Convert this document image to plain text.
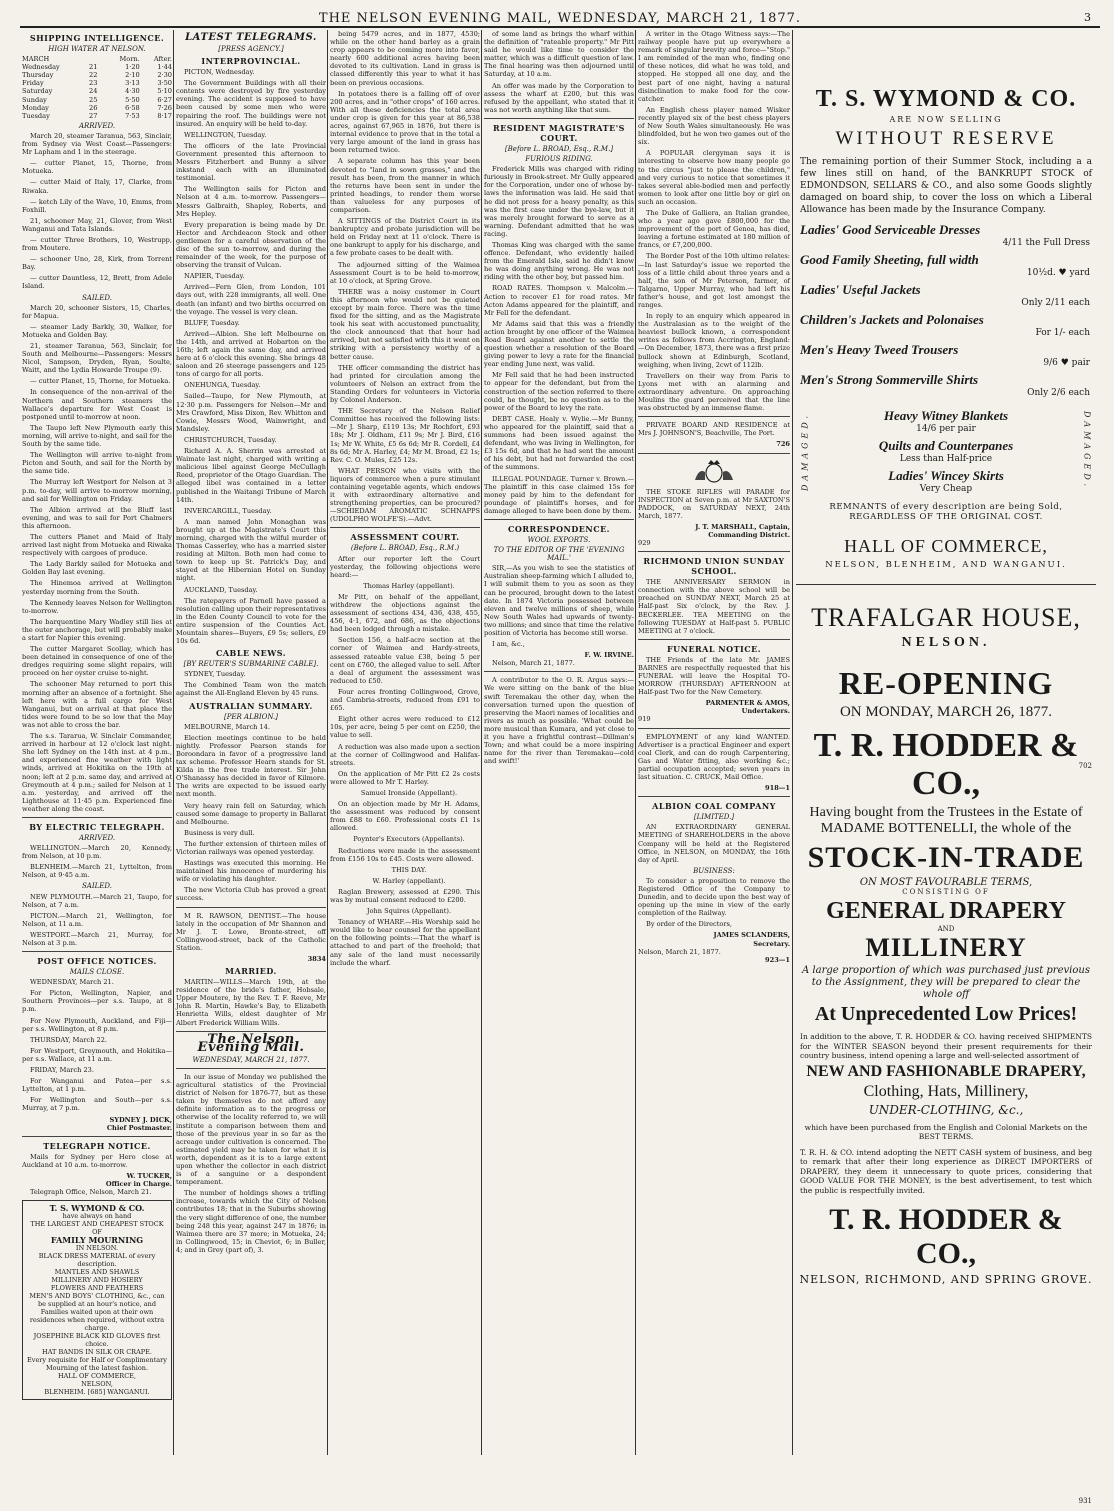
THE NELSON EVENING MAIL, WEDNESDAY, MARCH 21, 1877.	3
SHIPPING INTELLIGENCE.
HIGH WATER AT NELSON.
MARCH		Morn.	After.
Wednesday	21	1·20	1·44
Thursday	22	2·10	2·30
Friday	23	3·13	3·50
Saturday	24	4·30	5·10
Sunday	25	5·50	6·27
Monday	26	6·58	7·26
Tuesday	27	7·53	8·17
ARRIVED.

March 20, steamer Taranua, 563, Sinclair, from Sydney via West Coast—Passengers: Mr Lapham and 1 in the steerage.

— cutter Planet, 15, Thorne, from Motueka.

— cutter Maid of Italy, 17, Clarke, from Riwaka.

— ketch Lily of the Wave, 10, Emms, from Foxhill.

21, schooner May, 21, Glover, from West Wanganui and Tata Islands.

— cutter Three Brothers, 10, Westrupp, from Moutere.

— schooner Uno, 28, Kirk, from Torrent Bay.

— cutter Dauntless, 12, Brett, from Adele Island.

SAILED.

March 20, schooner Sisters, 15, Charles, for Mapua.

— steamer Lady Barkly, 30, Walker, for Motueka and Golden Bay.

21, steamer Taranua, 563, Sinclair, for South and Melbourne—Passengers: Messrs Nicol, Sampson, Dryden, Ryan, Soulte, Waitt, and the Lydia Howarde Troupe (9).

— cutter Planet, 15, Thorne, for Motueka.

In consequence of the non-arrival of the Northern and Southern steamers the Wallace's departure for West Coast is postponed until to-morrow at noon.

The Taupo left New Plymouth early this morning, will arrive to-night, and sail for the South by the same tide.

The Wellington will arrive to-night from Picton and South, and sail for the North by the same tide.

The Murray left Westport for Nelson at 3 p.m. to-day, will arrive to-morrow morning, and sail for Wellington on Friday.

The Albion arrived at the Bluff last evening, and was to sail for Port Chalmers this afternoon.

The cutters Planet and Maid of Italy arrived last night from Motueka and Riwaka respectively with cargoes of produce.

The Lady Barkly sailed for Motueka and Golden Bay last evening.

The Hinemoa arrived at Wellington yesterday morning from the South.

The Kennedy leaves Nelson for Wellington to-morrow.

The barquentine Mary Wadley still lies at the outer anchorage, but will probably make a start for Napier this evening.

The cutter Margaret Scollay, which has been detained in consequence of one of the dredges requiring some slight repairs, will proceed on her oyster cruise to-night.

The schooner May returned to port this morning after an absence of a fortnight. She left here with a full cargo for West Wanganui, but on arrival at that place the tides were found to be so low that the May was not able to cross the bar.

The s.s. Tararua, W. Sinclair Commander, arrived in harbour at 12 o'clock last night. She left Sydney on the 14th inst. at 4 p.m., and experienced fine weather with light winds, arrived at Hokitika on the 19th at noon; left at 2 p.m. same day, and arrived at Greymouth at 4 p.m.; sailed for Nelson at 1 a.m. yesterday, and arrived off the Lighthouse at 11·45 p.m. Experienced fine weather along the coast.

BY ELECTRIC TELEGRAPH.
ARRIVED.

WELLINGTON.—March 20, Kennedy, from Nelson, at 10 p.m.

BLENHEIM.—March 21, Lyttelton, from Nelson, at 9·45 a.m.

SAILED.

NEW PLYMOUTH.—March 21, Taupo, for Nelson, at 7 a.m.

PICTON.—March 21, Wellington, for Nelson, at 11 a.m.

WESTPORT.—March 21, Murray, for Nelson at 3 p.m.

POST OFFICE NOTICES.
MAILS CLOSE.

WEDNESDAY, March 21.

For Picton, Wellington, Napier, and Southern Provinces—per s.s. Taupo, at 8 p.m.

For New Plymouth, Auckland, and Fiji—per s.s. Wellington, at 8 p.m.

THURSDAY, March 22.

For Westport, Greymouth, and Hokitika—per s.s. Wallace, at 11 a.m.

FRIDAY, March 23.

For Wanganui and Patea—per s.s. Lyttelton, at 1 p.m.

For Wellington and South—per s.s. Murray, at 7 p.m.

SYDNEY J. DICK,
Chief Postmaster.
TELEGRAPH NOTICE.

Mails for Sydney per Hero close at Auckland at 10 a.m. to-morrow.

W. TUCKER,
Officer in Charge.

Telegraph Office, Nelson, March 21.

T. S. WYMOND & CO.
have always on hand
THE LARGEST AND CHEAPEST STOCK OF
FAMILY MOURNING
IN NELSON.
BLACK DRESS MATERIAL of every description.
MANTLES AND SHAWLS
MILLINERY AND HOSIERY
FLOWERS AND FEATHERS
MEN'S AND BOYS' CLOTHING, &c., can be supplied at an hour's notice, and Families waited upon at their own residences when required, without extra charge.
JOSEPHINE BLACK KID GLOVES first choice.
HAT BANDS IN SILK OR CRAPE.
Every requisite for Half or Complimentary Mourning of the latest fashion.
HALL OF COMMERCE,
NELSON,
BLENHEIM. [685] WANGANUI.
LATEST TELEGRAMS.
[PRESS AGENCY.]
INTERPROVINCIAL.

PICTON, Wednesday.

The Government Buildings with all their contents were destroyed by fire yesterday evening. The accident is supposed to have been caused by some men who were repairing the roof. The buildings were not insured. An enquiry will be held to-day.

WELLINGTON, Tuesday.

The officers of the late Provincial Government presented this afternoon to Messrs Fitzherbert and Bunny a silver inkstand each with an illuminated testimonial.

The Wellington sails for Picton and Nelson at 4 a.m. to-morrow. Passengers—Messrs Galbraith, Shapley, Roberts, and Mrs Hepley.

Every preparation is being made by Dr. Hector and Archdeacon Stock and other gentlemen for a careful observation of the disc of the sun to-morrow, and during the remainder of the week, for the purpose of observing the transit of Vulcan.

NAPIER, Tuesday.

Arrived—Fern Glen, from London, 101 days out, with 228 immigrants, all well. One death (an infant) and two births occurred on the voyage. The vessel is very clean.

BLUFF, Tuesday.

Arrived—Albion. She left Melbourne on the 14th, and arrived at Hobarton on the 16th; left again the same day, and arrived here at 6 o'clock this evening. She brings 48 saloon and 26 steerage passengers and 125 tons of cargo for all ports.

ONEHUNGA, Tuesday.

Sailed—Taupo, for New Plymouth, at 12·30 p.m. Passengers for Nelson—Mr and Mrs Crawford, Miss Dixon, Rev. Whitton and Cowie, Messrs Wood, Wainwright, and Mandsley.

CHRISTCHURCH, Tuesday.

Richard A. A. Sherrin was arrested at Waimate last night, charged with writing a malicious libel against George McCullagh Reed, proprietor of the Otago Guardian. The alleged libel was contained in a letter published in the Waitangi Tribune of March 14th.

INVERCARGILL, Tuesday.

A man named John Monaghan was brought up at the Magistrate's Court this morning, charged with the wilful murder of Thomas Casserley, who has a married sister residing at Milton. Both men had come to town to keep up St. Patrick's Day, and stayed at the Hibernian Hotel on Sunday night.

AUCKLAND, Tuesday.

The ratepayers of Parnell have passed a resolution calling upon their representatives in the Eden County Council to vote for the entire suspension of the Counties Act. Mountain shares—Buyers, £9 5s; sellers, £9 10s 6d.

CABLE NEWS.
[BY REUTER'S SUBMARINE CABLE].

SYDNEY, Tuesday.

The Combined Team won the match against the All-England Eleven by 45 runs.

AUSTRALIAN SUMMARY.
[PER ALBION.]

MELBOURNE, March 14.

Election meetings continue to be held nightly. Professor Pearson stands for Boroondara in favor of a progressive land tax scheme. Professor Hearn stands for St. Kilda in the free trade interest. Sir John O'Shanassy has decided in favor of Kilmore. The writs are expected to be issued early next month.

Very heavy rain fell on Saturday, which caused some damage to property in Ballarat and Melbourne.

Business is very dull.

The further extension of thirteen miles of Victorian railways was opened yesterday.

Hastings was executed this morning. He maintained his innocence of murdering his wife or violating his daughter.

The new Victoria Club has proved a great success.

M R. RAWSON, DENTIST.—The house lately in the occupation of Mr Shannon and Mr J. T. Lowe, Bronte-street, off Collingwood-street, back of the Catholic Station.

3834
MARRIED.

MARTIN—WILLS—March 19th, at the residence of the bride's father, Hobsale, Upper Moutere, by the Rev. T. F. Reeve, Mr John R. Martin, Hawke's Bay, to Elizabeth Henrietta Wills, eldest daughter of Mr Albert Frederick William Wills.

The Nelson Evening Mail.
WEDNESDAY, MARCH 21, 1877.

In our issue of Monday we published the agricultural statistics of the Provincial district of Nelson for 1876-77, but as these taken by themselves do not afford any definite information as to the progress or otherwise of the locality referred to, we will institute a comparison between them and those of the previous year in so far as the acreage under cultivation is concerned. The estimated yield may be taken for what it is worth, dependent as it is to a large extent upon whether the collector in each district is of a sanguine or a despondent temperament.

The number of holdings shows a trifling increase, towards which the City of Nelson contributes 18; that in the Suburbs showing the very slight difference of one, the number being 248 this year, against 247 in 1876; in Waimea there are 37 more; in Motueka, 24; in Collingwood, 15; in Cheviot, 6; in Buller, 4; and in Grey (part of), 3.

being 5479 acres, and in 1877, 4530; while on the other hand barley as a grain crop appears to be coming more into favor, nearly 600 additional acres having been devoted to its cultivation. Land in grass is classed differently this year to what it has been on previous occasions.

In potatoes there is a falling off of over 200 acres, and in "other crops" of 160 acres. With all these deficiencies the total area under crop is given for this year at 86,538 acres, against 67,965 in 1876, but there is internal evidence to prove that in the total a very large amount of the land in grass has been returned twice.

A separate column has this year been devoted to "land in sown grasses," and the result has been, from the manner in which the returns have been sent in under the printed headings, to render them worse than valueless for any purposes of comparison.

A SITTINGS of the District Court in its bankruptcy and probate jurisdiction will be held on Friday next at 11 o'clock. There is one bankrupt to apply for his discharge, and a few probate cases to be dealt with.

The adjourned sitting of the Waimea Assessment Court is to be held to-morrow, at 10 o'clock, at Spring Grove.

THERE was a noisy customer in Court this afternoon who would not be quieted except by main force. There was the time fixed for the sitting, and as the Magistrate took his seat with accustomed punctuality, the clock announced that that hour had arrived, but not satisfied with this it went on striking with a persistency worthy of a better cause.

THE officer commanding the district has had printed for circulation among the volunteers of Nelson an extract from the Standing Orders for volunteers in Victoria by Colonel Anderson.

THE Secretary of the Nelson Relief Committee has received the following lists:—Mr J. Sharp, £119 13s; Mr Rochfort, £93 18s; Mr J. Oldham, £11 9s; Mr J. Bird, £16 1s; Mr W. White, £5 6s 6d; Mr R. Cordell, £4 8s 6d; Mr A. Harley, £4; Mr M. Broad, £2 1s; Rev. C. O. Mules, £25 12s.

WHAT PERSON who visits with the liquors of commerce when a pure stimulant containing vegetable agents, which endows it with extraordinary alternative and strengthening properties, can be procured?—SCHIEDAM AROMATIC SCHNAPPS (UDOLPHO WOLFE'S).—Advt.

ASSESSMENT COURT.
(Before L. BROAD, Esq., R.M.)

After our reporter left the Court yesterday, the following objections were heard:—

Thomas Harley (appellant).

Mr Pitt, on behalf of the appellant, withdrew the objections against the assessment of sections 434, 436, 438, 455, 456, 4·1, 672, and 686, as the objections had been lodged through a mistake.

Section 156, a half-acre section at the corner of Waimea and Hardy-streets, assessed rateable value £38, being 5 per cent on £760, the alleged value to sell. After a deal of argument the assessment was reduced to £50.

Four acres fronting Collingwood, Grove, and Cambria-streets, reduced from £91 to £65.

Eight other acres were reduced to £12 10s, per acre, being 5 per cent on £250, the value to sell.

A reduction was also made upon a section at the corner of Collingwood and Halifax-streets.

On the application of Mr Pitt £2 2s costs were allowed to Mr T. Harley.

Samuel Ironside (Appellant).

On an objection made by Mr H. Adams, the assessment was reduced by consent from £88 to £60. Professional costs £1 1s allowed.

Poynter's Executors (Appellants).

Reductions were made in the assessment from £156 10s to £45. Costs were allowed.

THIS DAY.

W. Harley (appellant).

Raglan Brewery, assessed at £290. This was by mutual consent reduced to £200.

John Squires (Appellant).

Tenancy of WHARF.—His Worship said he would like to hear counsel for the appellant on the following points:—That the wharf is attached to and part of the freehold; that any sale of the land must necessarily include the wharf.

of some land as brings the wharf within the definition of "rateable property." Mr Pitt said he would like time to consider the matter, which was a difficult question of law. The final hearing was then adjourned until Saturday, at 10 a.m.

An offer was made by the Corporation to assess the wharf at £200, but this was refused by the appellant, who stated that it was not worth anything like that sum.

RESIDENT MAGISTRATE'S COURT.
[Before L. BROAD, Esq., R.M.]
FURIOUS RIDING.

Frederick Mills was charged with riding furiously in Brook-street. Mr Gully appeared for the Corporation, under one of whose by-laws the information was laid. He said that he did not press for a heavy penalty, as this was the first case under the bye-law, but it was merely brought forward to serve as a warning. Defendant admitted that he was racing.

Thomas King was charged with the same offence. Defendant, who evidently hailed from the Emerald Isle, said he didn't know he was doing anything wrong. He was not riding with the other boy, but passed him.

ROAD RATES. Thompson v. Malcolm.—Action to recover £1 for road rates. Mr Acton Adams appeared for the plaintiff, and Mr Fell for the defendant.

Mr Adams said that this was a friendly action brought by one officer of the Waimea Road Board against another to settle the question whether a resolution of the Board giving power to levy a rate for the financial year ending June next, was valid.

Mr Fell said that he had been instructed to appear for the defendant, but from the construction of the section referred to there could, he thought, be no question as to the power of the Board to levy the rate.

DEBT CASE. Healy v. Wylie.—Mr Bunny, who appeared for the plaintiff, said that a summons had been issued against the defendant, who was living in Wellington, for £3 15s 6d, and that he had sent the amount of his debt, but had not forwarded the cost of the summons.

ILLEGAL POUNDAGE. Turner v. Brown.—The plaintiff in this case claimed 15s for money paid by him to the defendant for poundage of plaintiff's horses, and for damage alleged to have been done by them.

CORRESPONDENCE.
WOOL EXPORTS.
TO THE EDITOR OF THE 'EVENING MAIL.'

SIR,—As you wish to see the statistics of Australian sheep-farming which I alluded to, I will submit them to you as soon as they can be procured, brought down to the latest date. In 1874 Victoria possessed between eleven and twelve millions of sheep, while New South Wales had upwards of twenty-two millions; and since that time the relative position of Victoria has become still worse.

I am, &c.,

F. W. IRVINE.

Nelson, March 21, 1877.

A contributor to the O. R. Argus says:—We were sitting on the bank of the blue swift Teremakau the other day, when the conversation turned upon the question of preserving the Maori names of localities and rivers as much as possible. 'What could be more musical than Kumara, and yet close to it you have a frightful contrast—Dillman's Town; and what could be a more inspiring name for the river than Teremakau—cold and swift!'

A writer in the Otago Witness says:—The railway people have put up everywhere a remark of singular brevity and force—"Stop." I am reminded of the man who, finding one of these notices, did what he was told, and stopped. He stopped all one day, and the best part of one night, having a natural disinclination to make food for the cow-catcher.

An English chess player named Wisker recently played six of the best chess players of New South Wales simultaneously. He was blindfolded, but he won two games out of the six.

A POPULAR clergyman says it is interesting to observe how many people go to the circus "just to please the children," and very curious to notice that sometimes it takes several able-bodied men and perfectly women to look after one little boy or girl on such an occasion.

The Duke of Galliera, an Italian grandee, who a year ago gave £800,000 for the improvement of the port of Genoa, has died, leaving a fortune estimated at 180 million of francs, or £7,200,000.

The Border Post of the 10th ultimo relates:—In last Saturday's issue we reported the loss of a little child about three years and a half, the son of Mr Peterson, farmer, of Talgarno, Upper Murray, who had left his father's house, and got lost amongst the ranges.

In reply to an enquiry which appeared in the Australasian as to the weight of the heaviest bullock known, a correspondent writes as follows from Accrington, England:—On December, 1873, there was a first prize bullock shown at Edinburgh, Scotland, weighing, when living, 2cwt of 112lb.

Travellers on their way from Paris to Lyons met with an alarming and extraordinary adventure. On approaching Moulins the guard perceived that the line was obstructed by an immense flame.

PRIVATE BOARD AND RESIDENCE at Mrs J. JOHNSON'S, Beachville, The Port.

726

THE STOKE RIFLES will PARADE for INSPECTION at Seven p.m. at Mr SAXTON'S PADDOCK, on SATURDAY NEXT, 24th March, 1877.

J. T. MARSHALL, Captain,
Commanding District.
929
RICHMOND UNION SUNDAY SCHOOL.

THE ANNIVERSARY SERMON in connection with the above school will be preached on SUNDAY NEXT, March 25 at Half-past Six o'clock, by the Rev. J. BECKERLEE. TEA MEETING on the following TUESDAY at Half-past 5. PUBLIC MEETING at 7 o'clock.

FUNERAL NOTICE.

THE Friends of the late Mr. JAMES BARNES are respectfully requested that his FUNERAL will leave the Hospital TO-MORROW (THURSDAY) AFTERNOON at Half-past Two for the New Cemetery.

PARMENTER & AMOS,
Undertakers.
919

EMPLOYMENT of any kind WANTED. Advertiser is a practical Engineer and expert coal Clerk, and can do rough Carpentering, Gas and Water fitting, also working &c.; partial occupation accepted; seven years in last situation. C. CRUCK, Mail Office.

918—1
ALBION COAL COMPANY
[LIMITED.]

AN EXTRAORDINARY GENERAL MEETING of SHAREHOLDERS in the above Company will be held at the Registered Office, in NELSON, on MONDAY, the 16th day of April.

BUSINESS:

To consider a proposition to remove the Registered Office of the Company to Dunedin, and to decide upon the best way of opening up the mine in view of the early completion of the Railway.

By order of the Directors,

JAMES SCLANDERS,
Secretary.
Nelson, March 21, 1877.
923—1
T. S. WYMOND & CO.
ARE NOW SELLING
WITHOUT RESERVE
The remaining portion of their Summer Stock, including a a few lines still on hand, of the BANKRUPT STOCK of EDMONDSON, SELLARS & CO., and also some Goods slightly damaged on board ship, to cover the loss on which a Liberal Allowance has been made by the Insurance Company.
Ladies' Good Serviceable Dresses
4/11 the Full Dress
Good Family Sheeting, full width
10½d. ♥ yard
Ladies' Useful Jackets
Only 2/11 each
Children's Jackets and Polonaises
For 1/- each
Men's Heavy Tweed Trousers
9/6 ♥ pair
Men's Strong Sommerville Shirts
Only 2/6 each
DAMAGED.	DAMAGED.
Heavy Witney Blankets
14/6 per pair
Quilts and Counterpanes
Less than Half-price
Ladies' Wincey Skirts
Very Cheap
REMNANTS of every description are being Sold, REGARDLESS OF THE ORIGINAL COST.
HALL OF COMMERCE,
NELSON, BLENHEIM, AND WANGANUI.
702
TRAFALGAR HOUSE,
NELSON.
RE-OPENING
ON MONDAY, MARCH 26, 1877.
T. R. HODDER & CO.,
Having bought from the Trustees in the Estate of MADAME BOTTENELLI, the whole of the
STOCK-IN-TRADE
ON MOST FAVOURABLE TERMS,
CONSISTING OF
GENERAL DRAPERY
AND
MILLINERY
A large proportion of which was purchased just previous to the Assignment, they will be prepared to clear the whole off
At Unprecedented Low Prices!
In addition to the above, T. R. HODDER & CO. having received SHIPMENTS for the WINTER SEASON beyond their present requirements for their country business, intend opening a large and well-selected assortment of
NEW AND FASHIONABLE DRAPERY,
Clothing, Hats, Millinery,
UNDER-CLOTHING, &c.,
which have been purchased from the English and Colonial Markets on the BEST TERMS.
T. R. H. & CO. intend adopting the NETT CASH system of business, and beg to remark that after their long experience as DIRECT IMPORTERS of DRAPERY, they deem it unnecessary to quote prices, considering that GOOD VALUE FOR THE MONEY, is the best advertisement, to test which the public is respectfully invited.
T. R. HODDER & CO.,
NELSON, RICHMOND, AND SPRING GROVE.
931
